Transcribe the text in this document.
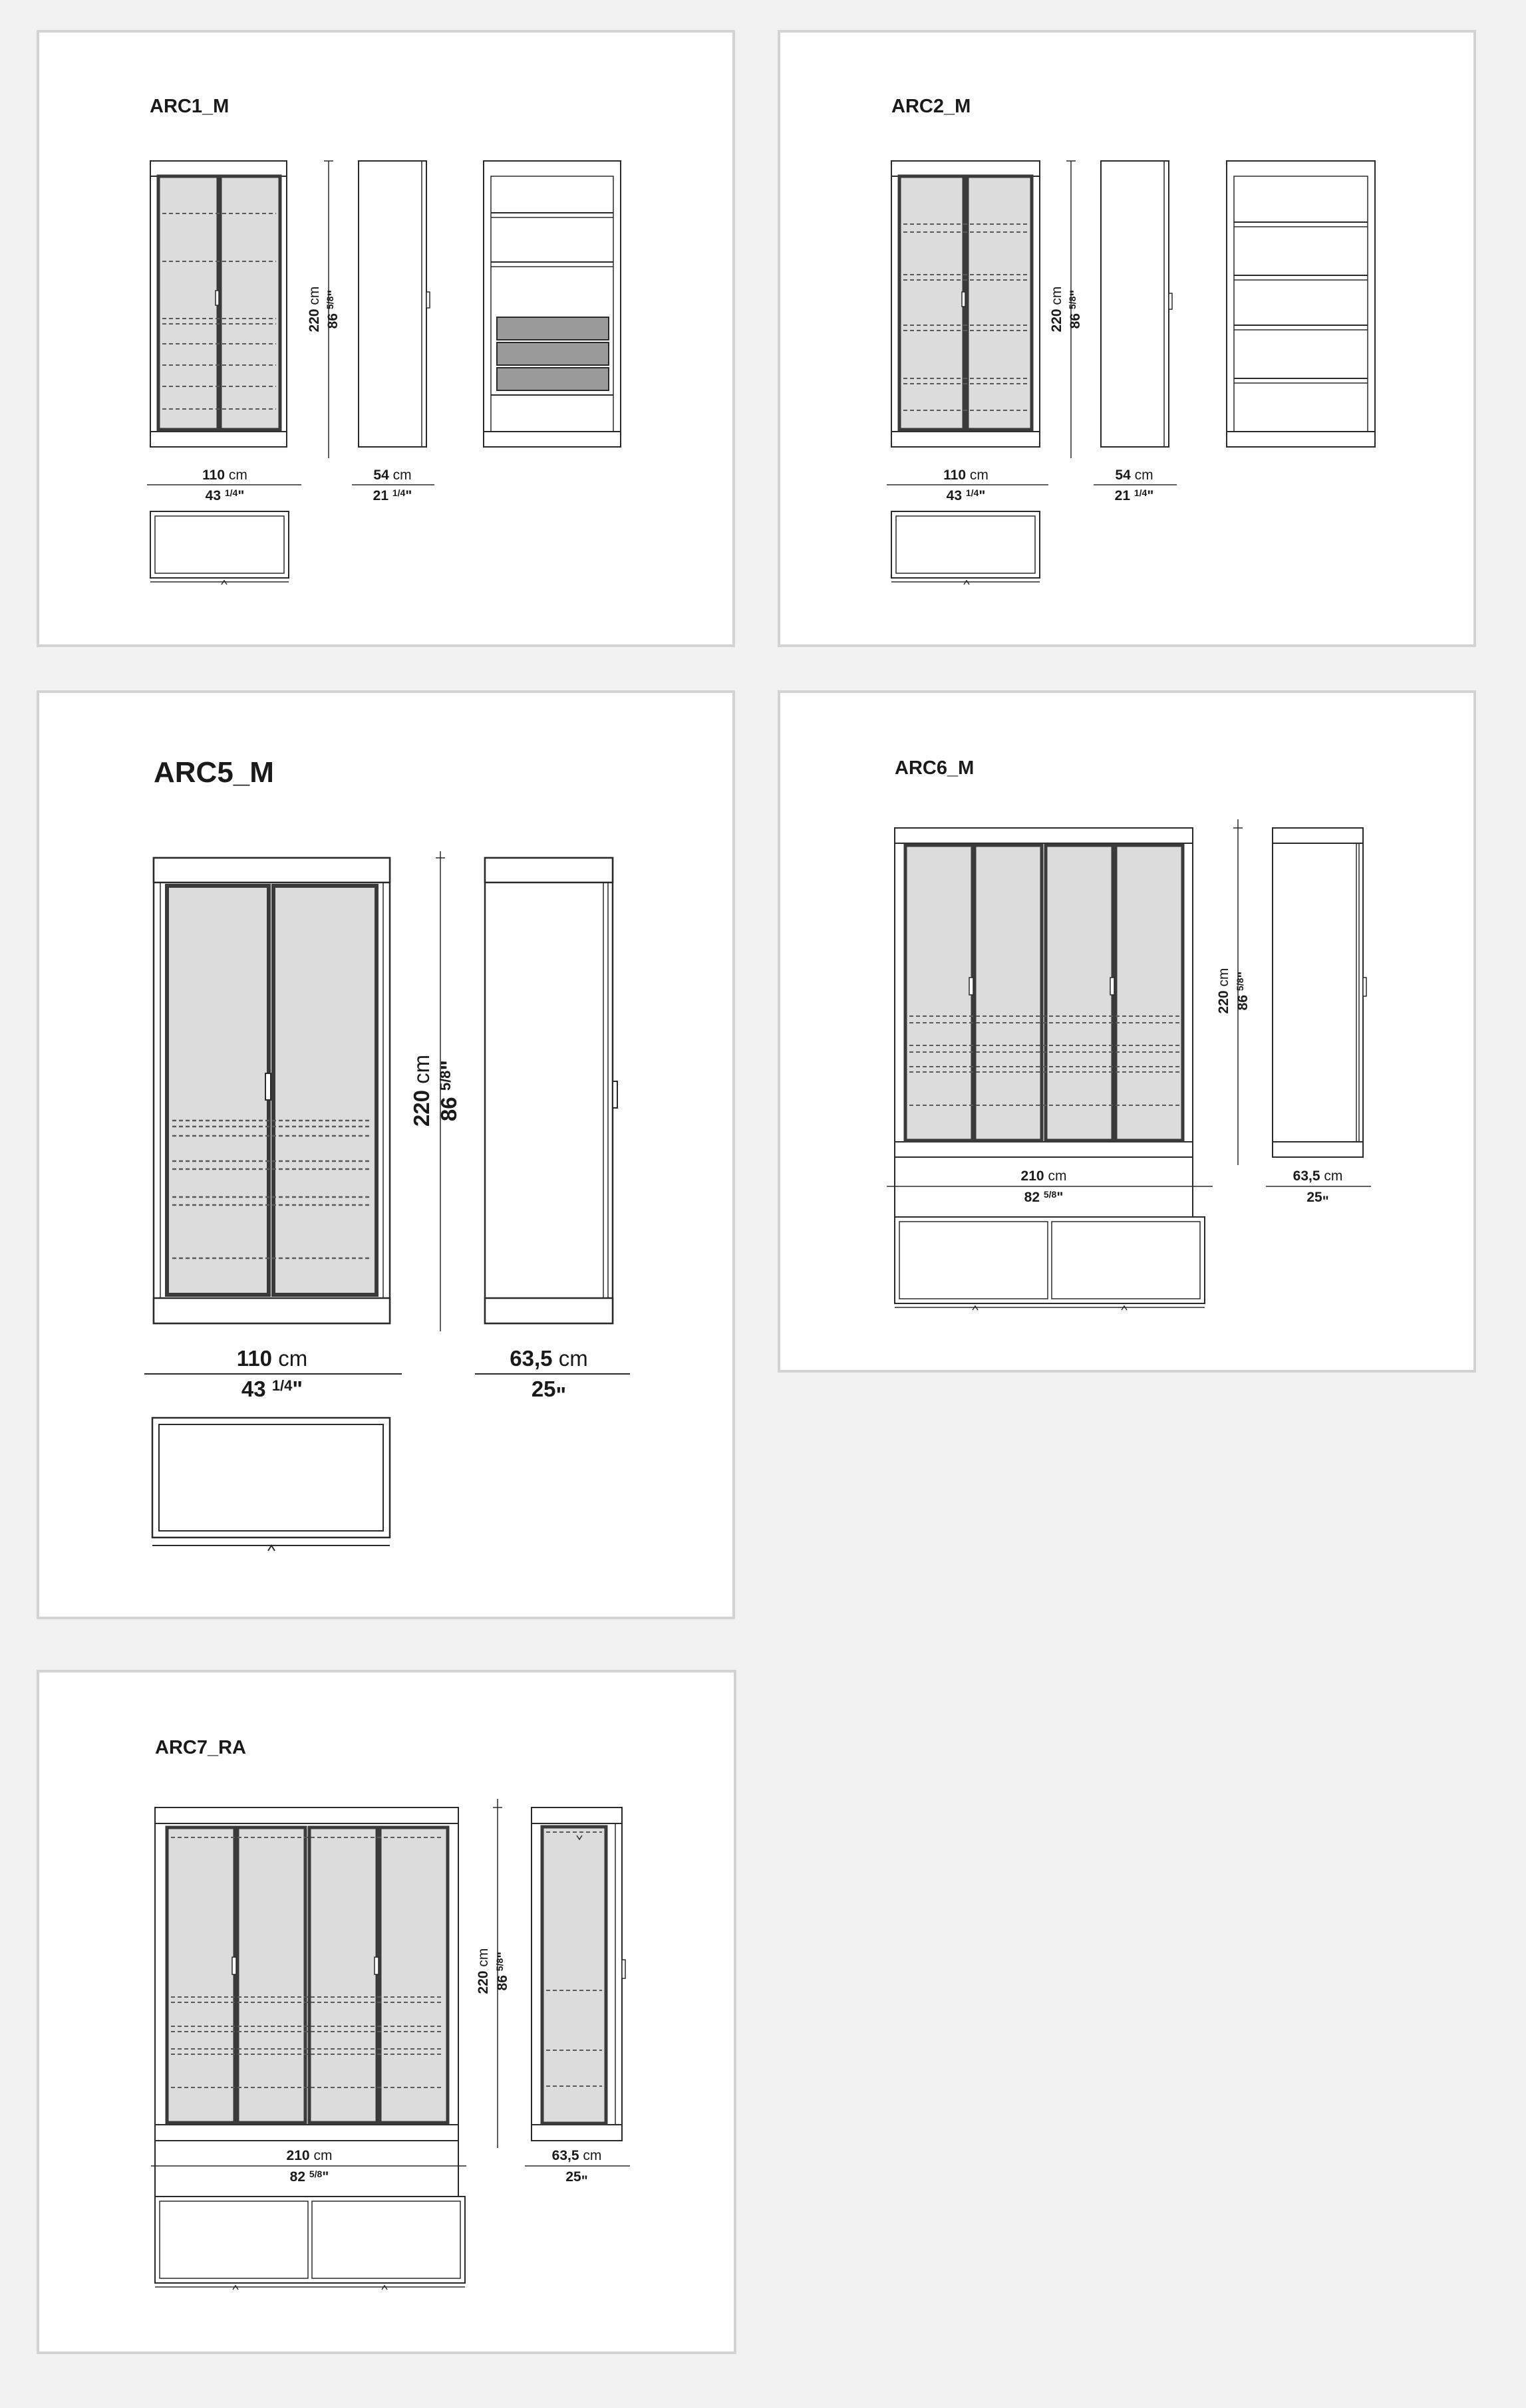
ARC1_M
220 cm
86 $^{5/8}$"
110 cm
43 $^{1/4}$"
54 cm
21 $^{1/4}$"
ARC2_M
220 cm
86 $^{5/8}$"
110 cm
43 $^{1/4}$"
54 cm
21 $^{1/4}$"
ARC5_M
220 cm
86 $^{5/8}$"
110 cm
43 $^{1/4}$"
63,5 cm
25"
ARC6_M
220 cm
86 $^{5/8}$"
210 cm
82 $^{5/8}$"
63,5 cm
25"
ARC7_RA
220 cm
86 $^{5/8}$"
210 cm
82 $^{5/8}$"
63,5 cm
25"
